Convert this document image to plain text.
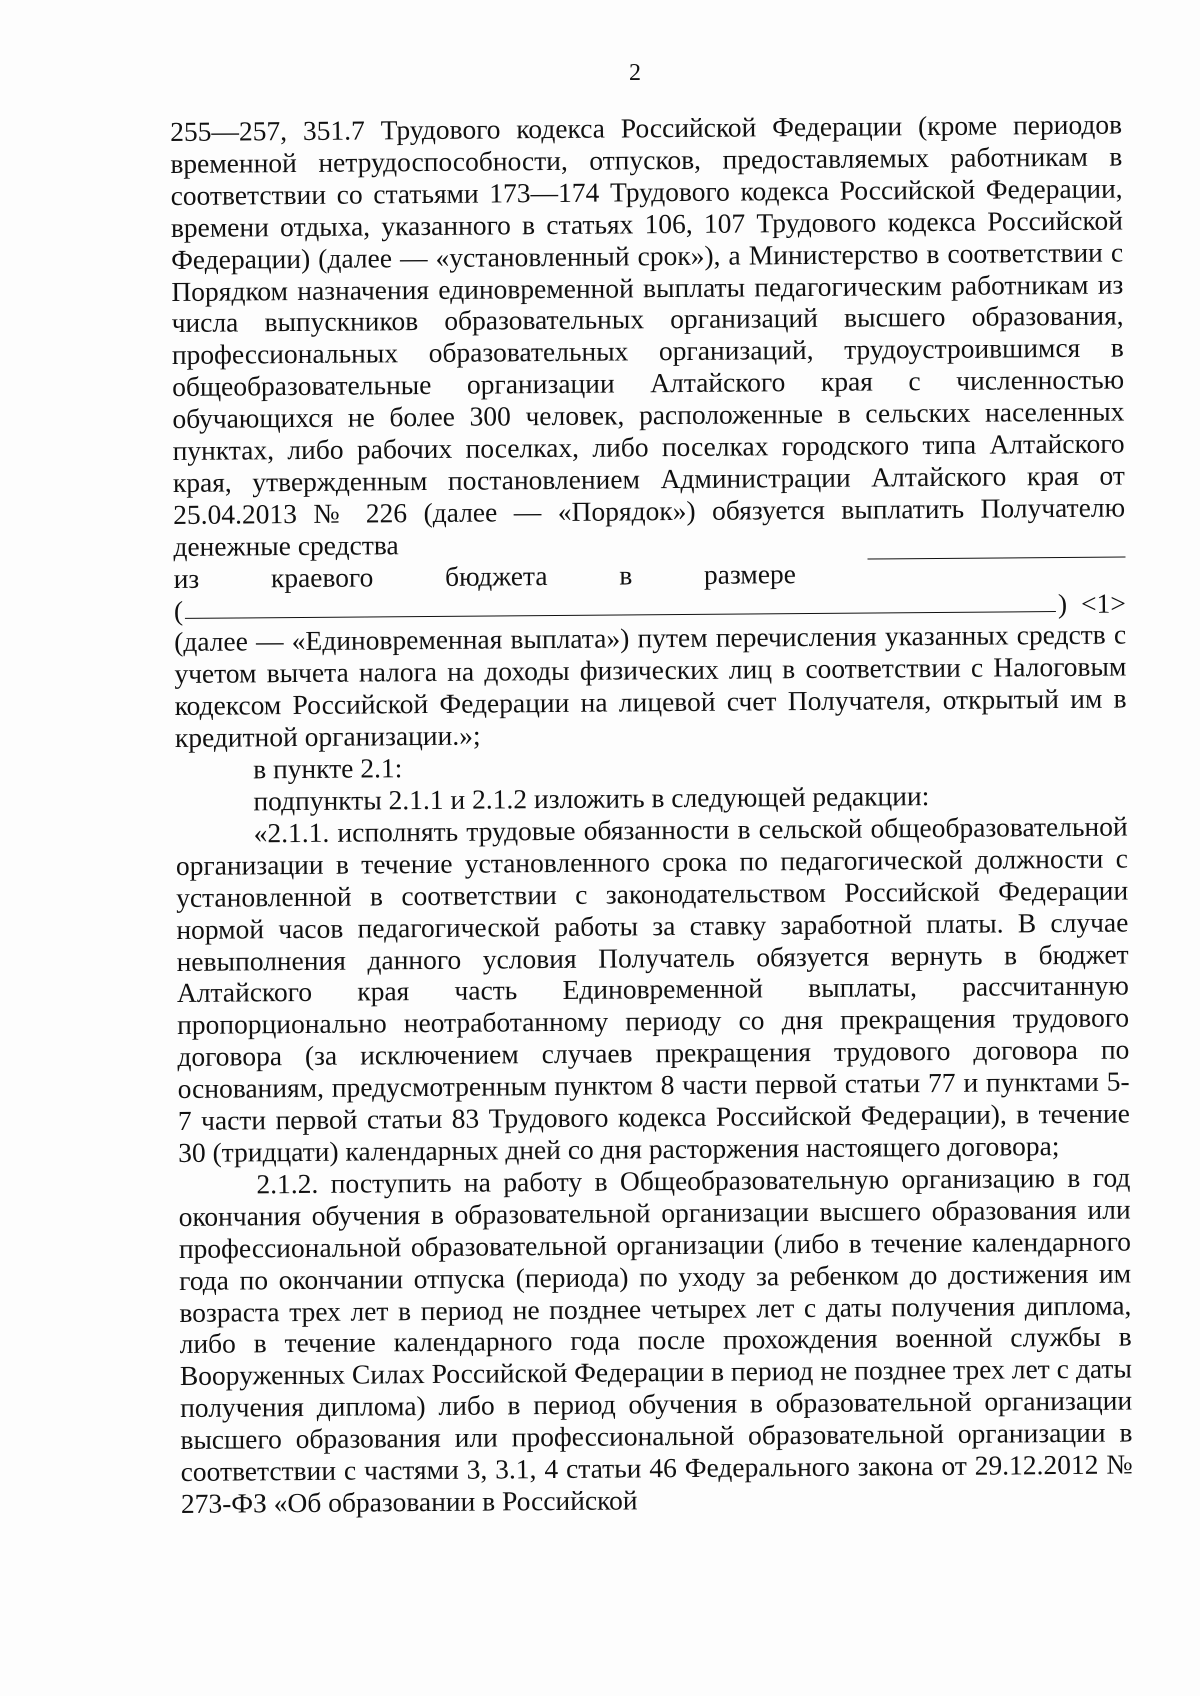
2

255—257, 351.7 Трудового кодекса Российской Федерации (кроме периодов временной нетрудоспособности, отпусков, предоставляемых работникам в соответствии со статьями 173—174 Трудового кодекса Российской Федерации, времени отдыха, указанного в статьях 106, 107 Трудового кодекса Российской Федерации) (далее — «установленный срок»), а Министерство в соответствии с Порядком назначения единовременной выплаты педагогическим работникам из числа выпускников образовательных организаций высшего образования, профессиональных образовательных организаций, трудоустроившимся в общеобразовательные организации Алтайского края с численностью обучающихся не более 300 человек, расположенные в сельских населенных пунктах, либо рабочих поселках, либо поселках городского типа Алтайского края, утвержденным постановлением Администрации Алтайского края от 25.04.2013 № 226 (далее — «Порядок») обязуется выплатить Получателю денежные средства

из	краевого	бюджета	в	размере
(	) <1>

(далее — «Единовременная выплата») путем перечисления указанных средств с учетом вычета налога на доходы физических лиц в соответствии с Налоговым кодексом Российской Федерации на лицевой счет Получателя, открытый им в кредитной организации.»;

в пункте 2.1:

подпункты 2.1.1 и 2.1.2 изложить в следующей редакции:

«2.1.1. исполнять трудовые обязанности в сельской общеобразовательной организации в течение установленного срока по педагогической должности с установленной в соответствии с законодательством Российской Федерации нормой часов педагогической работы за ставку заработной платы. В случае невыполнения данного условия Получатель обязуется вернуть в бюджет Алтайского края часть Единовременной выплаты, рассчитанную пропорционально неотработанному периоду со дня прекращения трудового договора (за исключением случаев прекращения трудового договора по основаниям, предусмотренным пунктом 8 части первой статьи 77 и пунктами 5-7 части первой статьи 83 Трудового кодекса Российской Федерации), в течение 30 (тридцати) календарных дней со дня расторжения настоящего договора;

2.1.2. поступить на работу в Общеобразовательную организацию в год окончания обучения в образовательной организации высшего образования или профессиональной образовательной организации (либо в течение календарного года по окончании отпуска (периода) по уходу за ребенком до достижения им возраста трех лет в период не позднее четырех лет с даты получения диплома, либо в течение календарного года после прохождения военной службы в Вооруженных Силах Российской Федерации в период не позднее трех лет с даты получения диплома) либо в период обучения в образовательной организации высшего образования или профессиональной образовательной организации в соответствии с частями 3, 3.1, 4 статьи 46 Федерального закона от 29.12.2012 № 273-ФЗ «Об образовании в Российской
